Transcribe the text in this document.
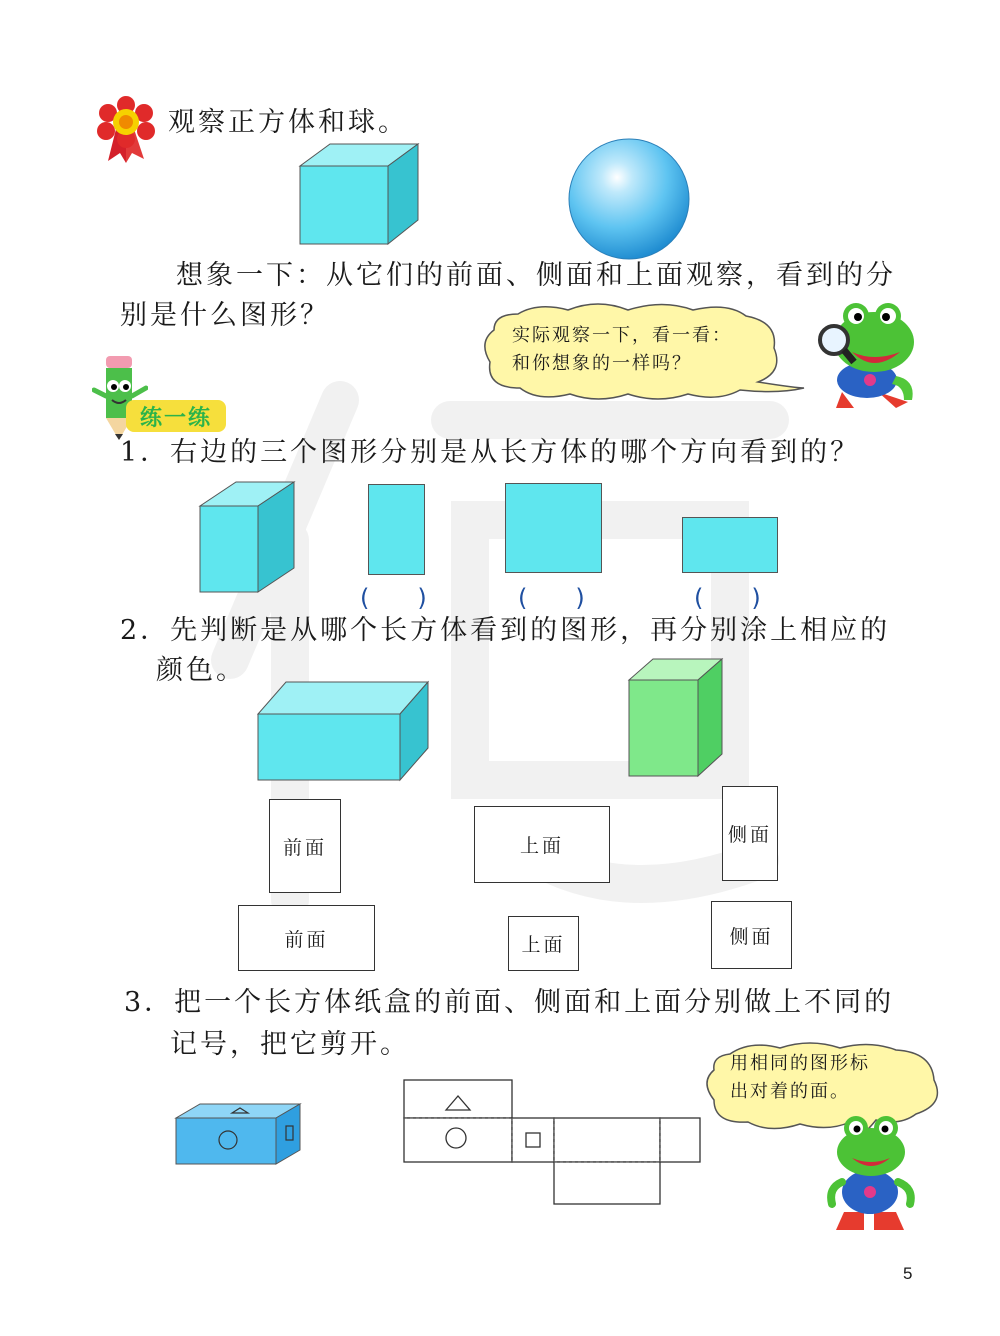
观察正方体和球。
想象一下：从它们的前面、侧面和上面观察，看到的分
别是什么图形？
实际观察一下，看一看：
和你想象的一样吗？
练一练
1．右边的三个图形分别是从长方体的哪个方向看到的？
(　　)	(　　)	(　　)
2．先判断是从哪个长方体看到的图形，再分别涂上相应的
颜色。
前面	上面	侧面
前面	上面	侧面
3．把一个长方体纸盒的前面、侧面和上面分别做上不同的
记号，把它剪开。
用相同的图形标
出对着的面。
5
